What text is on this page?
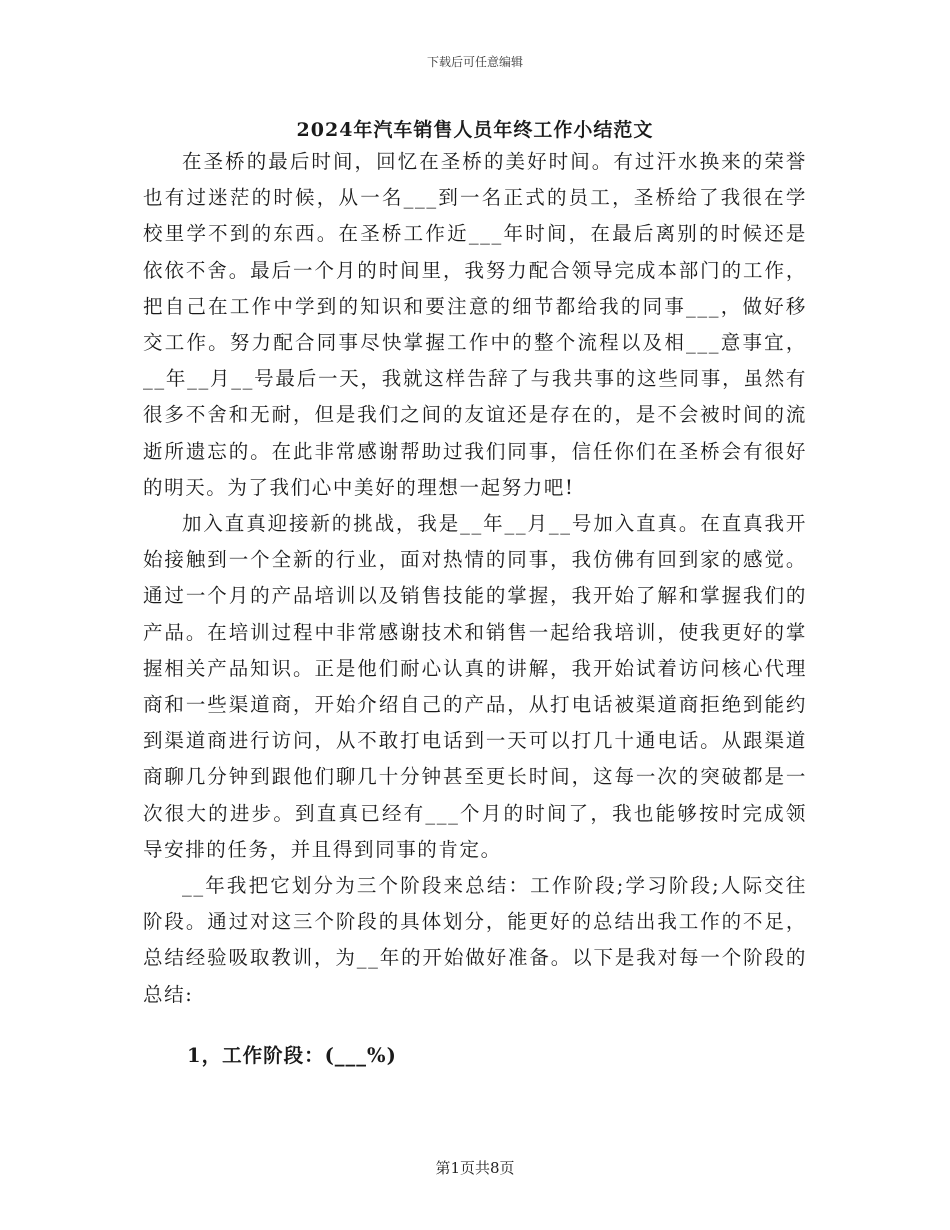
下载后可任意编辑
2024年汽车销售人员年终工作小结范文

在圣桥的最后时间，回忆在圣桥的美好时间。有过汗水换来的荣誉也有过迷茫的时候，从一名___到一名正式的员工，圣桥给了我很在学校里学不到的东西。在圣桥工作近___年时间，在最后离别的时候还是依依不舍。最后一个月的时间里，我努力配合领导完成本部门的工作，把自己在工作中学到的知识和要注意的细节都给我的同事___，做好移交工作。努力配合同事尽快掌握工作中的整个流程以及相___意事宜，__年__月__号最后一天，我就这样告辞了与我共事的这些同事，虽然有很多不舍和无耐，但是我们之间的友谊还是存在的，是不会被时间的流逝所遗忘的。在此非常感谢帮助过我们同事，信任你们在圣桥会有很好的明天。为了我们心中美好的理想一起努力吧!

加入直真迎接新的挑战，我是__年__月__号加入直真。在直真我开始接触到一个全新的行业，面对热情的同事，我仿佛有回到家的感觉。通过一个月的产品培训以及销售技能的掌握，我开始了解和掌握我们的产品。在培训过程中非常感谢技术和销售一起给我培训，使我更好的掌握相关产品知识。正是他们耐心认真的讲解，我开始试着访问核心代理商和一些渠道商，开始介绍自己的产品，从打电话被渠道商拒绝到能约到渠道商进行访问，从不敢打电话到一天可以打几十通电话。从跟渠道商聊几分钟到跟他们聊几十分钟甚至更长时间，这每一次的突破都是一次很大的进步。到直真已经有___个月的时间了，我也能够按时完成领导安排的任务，并且得到同事的肯定。

__年我把它划分为三个阶段来总结：工作阶段;学习阶段;人际交往阶段。通过对这三个阶段的具体划分，能更好的总结出我工作的不足，总结经验吸取教训，为__年的开始做好准备。以下是我对每一个阶段的总结:

1，工作阶段：(___%)
第1页共8页
